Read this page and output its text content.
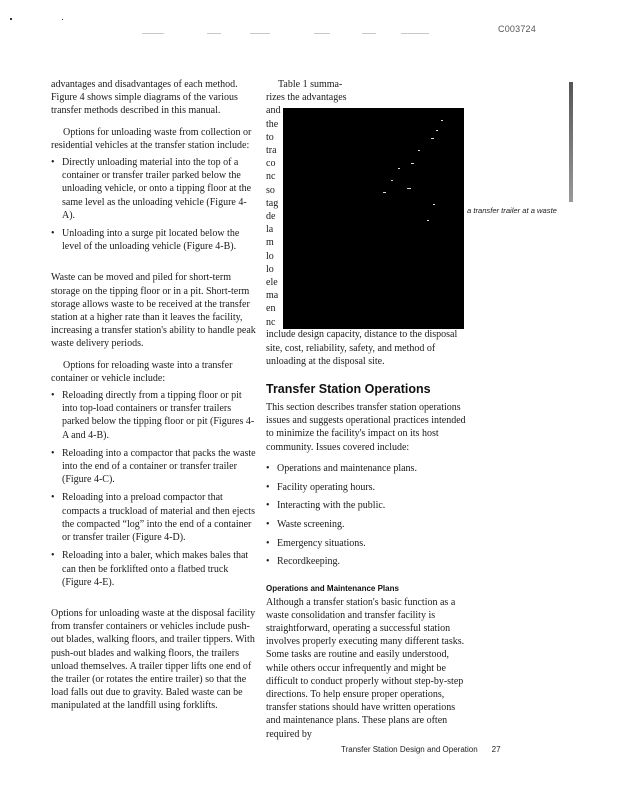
C003724

advantages and disadvantages of each method. Figure 4 shows simple diagrams of the various transfer methods described in this manual.

Options for unloading waste from collection or residential vehicles at the transfer station include:

• Directly unloading material into the top of a container or transfer trailer parked below the unloading vehicle, or onto a tipping floor at the same level as the unloading vehicle (Figure 4-A).
• Unloading into a surge pit located below the level of the unloading vehicle (Figure 4-B).

Waste can be moved and piled for short-term storage on the tipping floor or in a pit. Short-term storage allows waste to be received at the transfer station at a higher rate than it leaves the facility, increasing a transfer station's ability to handle peak waste delivery periods.

Options for reloading waste into a transfer container or vehicle include:

• Reloading directly from a tipping floor or pit into top-load containers or transfer trailers parked below the tipping floor or pit (Figures 4-A and 4-B).
• Reloading into a compactor that packs the waste into the end of a container or transfer trailer (Figure 4-C).
• Reloading into a preload compactor that compacts a truckload of material and then ejects the compacted “log” into the end of a container or transfer trailer (Figure 4-D).
• Reloading into a baler, which makes bales that can then be forklifted onto a flatbed truck (Figure 4-E).

Options for unloading waste at the disposal facility from transfer containers or vehicles include push-out blades, walking floors, and trailer tippers. With push-out blades and walking floors, the trailers unload themselves. A trailer tipper lifts one end of the trailer (or rotates the entire trailer) so that the load falls out due to gravity. Baled waste can be manipulated at the landfill using forklifts.

Table 1 summa-
rizes the advantages

include design capacity, distance to the disposal site, cost, reliability, safety, and method of unloading at the disposal site.

Transfer Station Operations

This section describes transfer station operations issues and suggests operational practices intended to minimize the facility's impact on its host community. Issues covered include:

• Operations and maintenance plans.
• Facility operating hours.
• Interacting with the public.
• Waste screening.
• Emergency situations.
• Recordkeeping.
Operations and Maintenance Plans

Although a transfer station's basic function as a waste consolidation and transfer facility is straightforward, operating a successful station involves properly executing many different tasks. Some tasks are routine and easily understood, while others occur infrequently and might be difficult to conduct properly without step-by-step directions. To help ensure proper operations, transfer stations should have written operations and maintenance plans. These plans are often required by

and
the
to
tra
co
nc
so
tag
de
la
m
lo
lo
ele
ma
en
nc
a transfer trailer at a waste
Transfer Station Design and Operation 27
